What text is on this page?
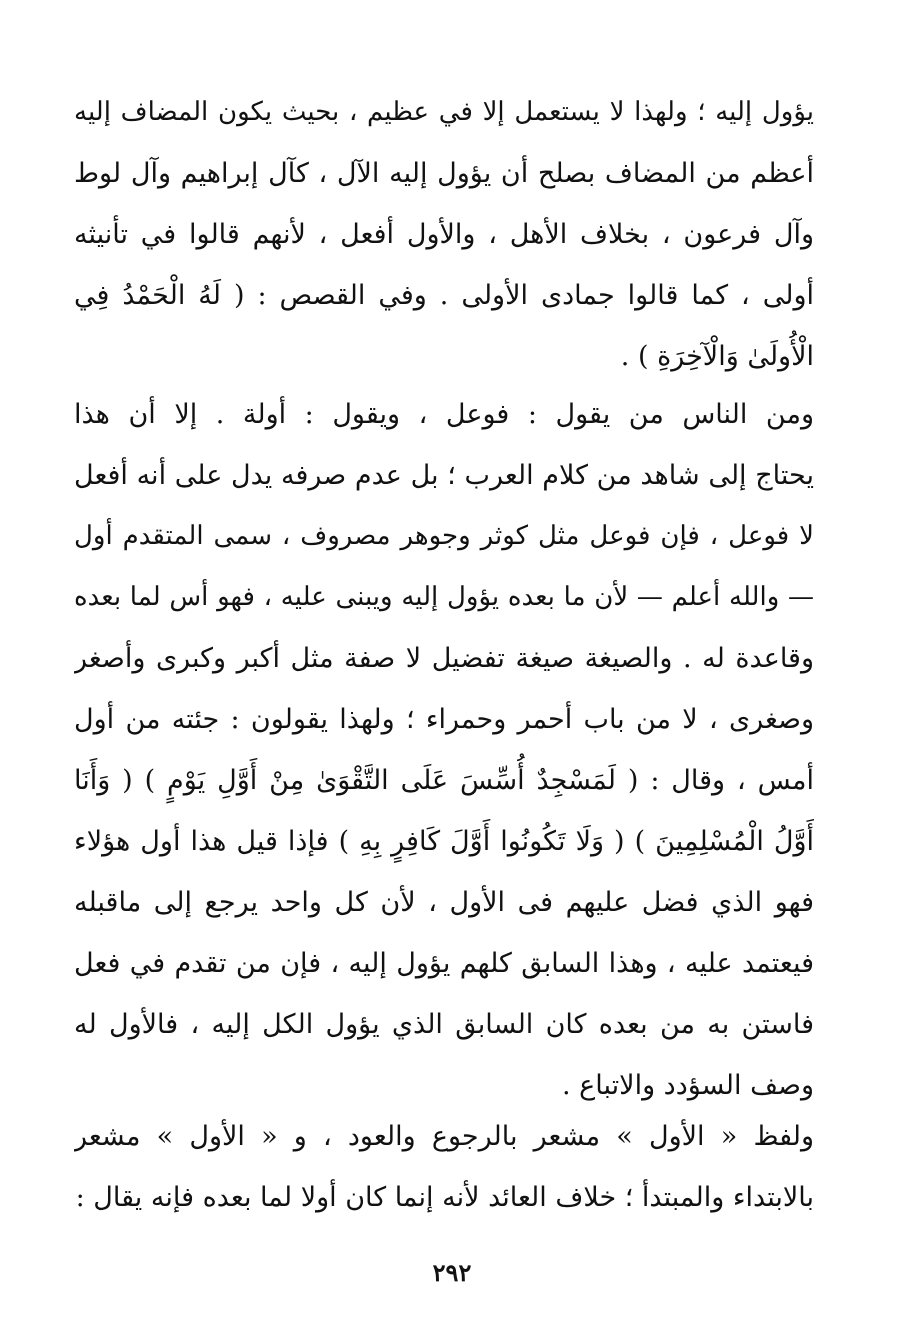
يؤول إليه ؛ ولهذا لا يستعمل إلا في عظيم ، بحيث يكون المضاف إليه
أعظم من المضاف بصلح أن يؤول إليه الآل ، كآل إبراهيم وآل لوط
وآل فرعون ، بخلاف الأهل ، والأول أفعل ، لأنهم قالوا في تأنيثه
أولى ، كما قالوا جمادى الأولى . وفي القصص : ( لَهُ الْحَمْدُ فِي
الْأُولَىٰ وَالْآخِرَةِ ) .
ومن الناس من يقول : فوعل ، ويقول : أولة . إلا أن هذا
يحتاج إلى شاهد من كلام العرب ؛ بل عدم صرفه يدل على أنه أفعل
لا فوعل ، فإن فوعل مثل كوثر وجوهر مصروف ، سمى المتقدم أول
— والله أعلم — لأن ما بعده يؤول إليه ويبنى عليه ، فهو أس لما بعده
وقاعدة له . والصيغة صيغة تفضيل لا صفة مثل أكبر وكبرى وأصغر
وصغرى ، لا من باب أحمر وحمراء ؛ ولهذا يقولون : جئته من أول
أمس ، وقال : ( لَمَسْجِدٌ أُسِّسَ عَلَى التَّقْوَىٰ مِنْ أَوَّلِ يَوْمٍ ) ( وَأَنَا
أَوَّلُ الْمُسْلِمِينَ ) ( وَلَا تَكُونُوا أَوَّلَ كَافِرٍ بِهِ ) فإذا قيل هذا أول هؤلاء
فهو الذي فضل عليهم فى الأول ، لأن كل واحد يرجع إلى ماقبله
فيعتمد عليه ، وهذا السابق كلهم يؤول إليه ، فإن من تقدم في فعل
فاستن به من بعده كان السابق الذي يؤول الكل إليه ، فالأول له
وصف السؤدد والاتباع .
ولفظ « الأول » مشعر بالرجوع والعود ، و « الأول » مشعر
بالابتداء والمبتدأ ؛ خلاف العائد لأنه إنما كان أولا لما بعده فإنه يقال :
٢٩٢
